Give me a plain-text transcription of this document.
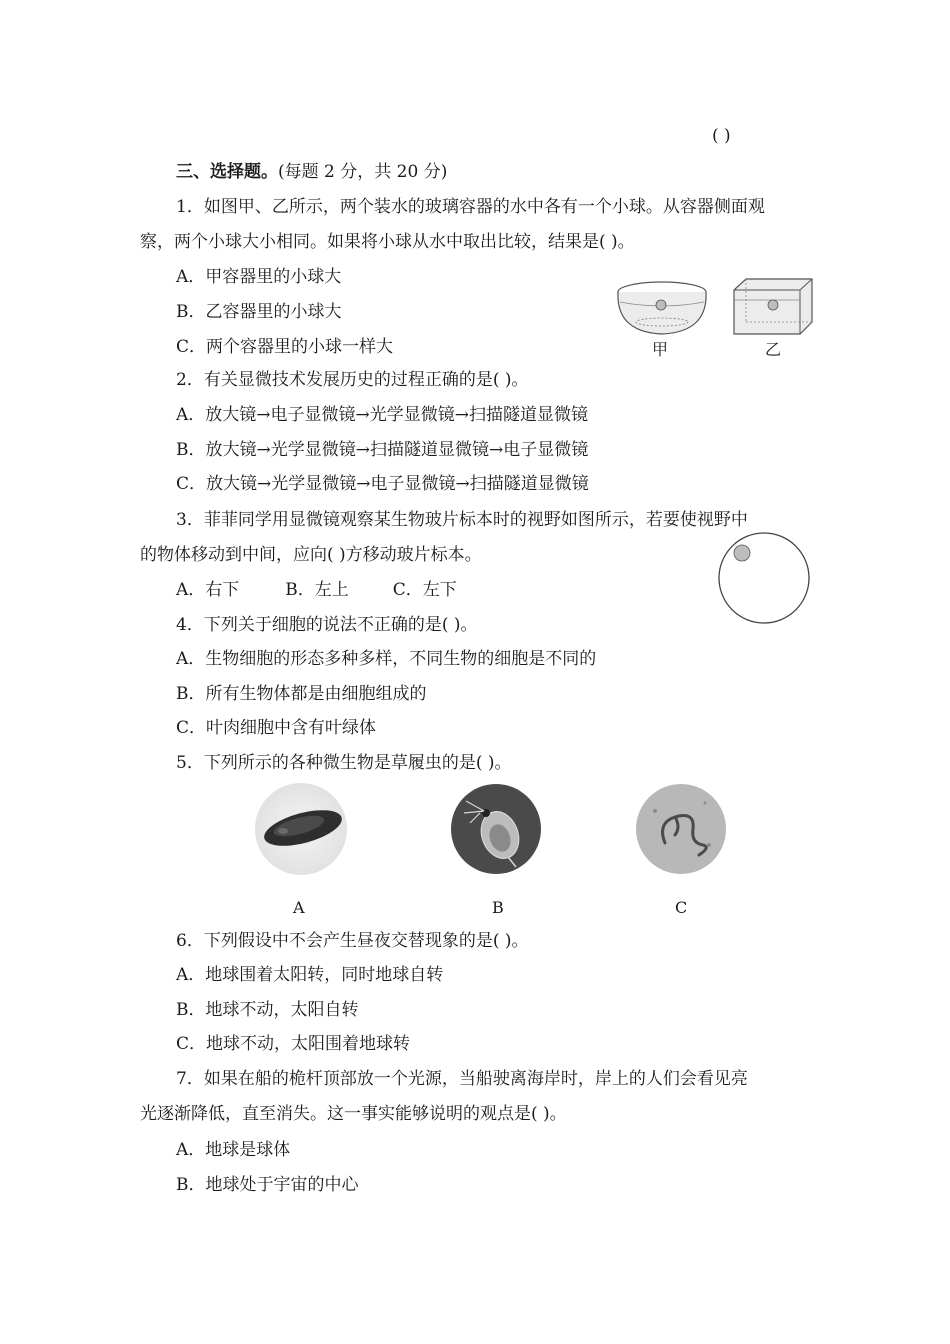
( )
三、选择题。(每题 2 分，共 20 分)
1．如图甲、乙所示，两个装水的玻璃容器的水中各有一个小球。从容器侧面观
察，两个小球大小相同。如果将小球从水中取出比较，结果是( )。
A．甲容器里的小球大
B．乙容器里的小球大
C．两个容器里的小球一样大	甲	乙
2．有关显微技术发展历史的过程正确的是( )。
A．放大镜→电子显微镜→光学显微镜→扫描隧道显微镜
B．放大镜→光学显微镜→扫描隧道显微镜→电子显微镜
C．放大镜→光学显微镜→电子显微镜→扫描隧道显微镜
3．菲菲同学用显微镜观察某生物玻片标本时的视野如图所示，若要使视野中
的物体移动到中间，应向( )方移动玻片标本。
A．右下	B．左上	C．左下
4．下列关于细胞的说法不正确的是( )。
A．生物细胞的形态多种多样，不同生物的细胞是不同的
B．所有生物体都是由细胞组成的
C．叶肉细胞中含有叶绿体
5．下列所示的各种微生物是草履虫的是( )。
A	B	C
6．下列假设中不会产生昼夜交替现象的是( )。
A．地球围着太阳转，同时地球自转
B．地球不动，太阳自转
C．地球不动，太阳围着地球转
7．如果在船的桅杆顶部放一个光源，当船驶离海岸时，岸上的人们会看见亮
光逐渐降低，直至消失。这一事实能够说明的观点是( )。
A．地球是球体
B．地球处于宇宙的中心
